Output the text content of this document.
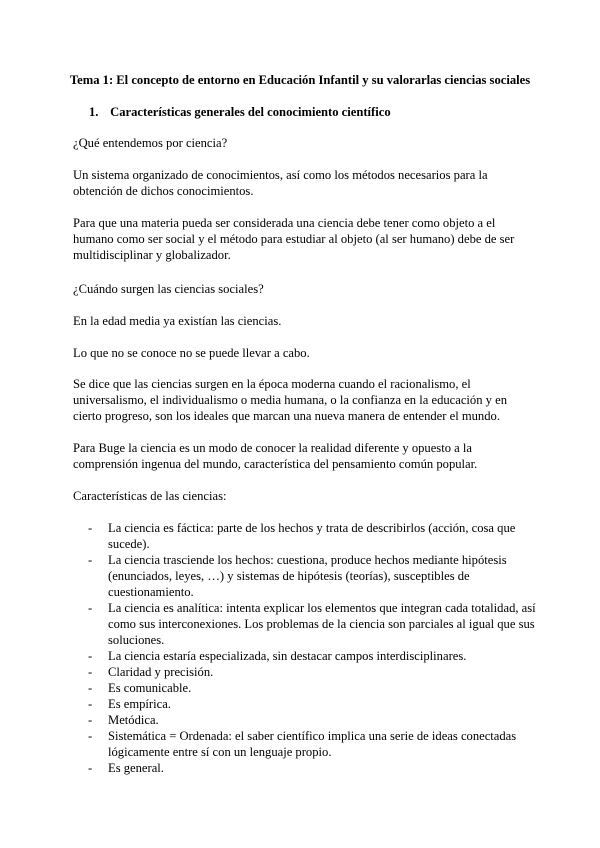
Tema 1: El concepto de entorno en Educación Infantil y su valorarlas ciencias sociales
1. Características generales del conocimiento científico

¿Qué entendemos por ciencia?

Un sistema organizado de conocimientos, así como los métodos necesarios para la obtención de dichos conocimientos.

Para que una materia pueda ser considerada una ciencia debe tener como objeto a el humano como ser social y el método para estudiar al objeto (al ser humano) debe de ser multidisciplinar y globalizador.

¿Cuándo surgen las ciencias sociales?

En la edad media ya existían las ciencias.

Lo que no se conoce no se puede llevar a cabo.

Se dice que las ciencias surgen en la época moderna cuando el racionalismo, el universalismo, el individualismo o media humana, o la confianza en la educación y en cierto progreso, son los ideales que marcan una nueva manera de entender el mundo.

Para Buge la ciencia es un modo de conocer la realidad diferente y opuesto a la comprensión ingenua del mundo, característica del pensamiento común popular.

Características de las ciencias:

-	La ciencia es fáctica: parte de los hechos y trata de describirlos (acción, cosa que sucede).
-	La ciencia trasciende los hechos: cuestiona, produce hechos mediante hipótesis (enunciados, leyes, …) y sistemas de hipótesis (teorías), susceptibles de cuestionamiento.
-	La ciencia es analítica: intenta explicar los elementos que integran cada totalidad, así como sus interconexiones. Los problemas de la ciencia son parciales al igual que sus soluciones.
-	La ciencia estaría especializada, sin destacar campos interdisciplinares.
-	Claridad y precisión.
-	Es comunicable.
-	Es empírica.
-	Metódica.
-	Sistemática = Ordenada: el saber científico implica una serie de ideas conectadas lógicamente entre sí con un lenguaje propio.
-	Es general.
